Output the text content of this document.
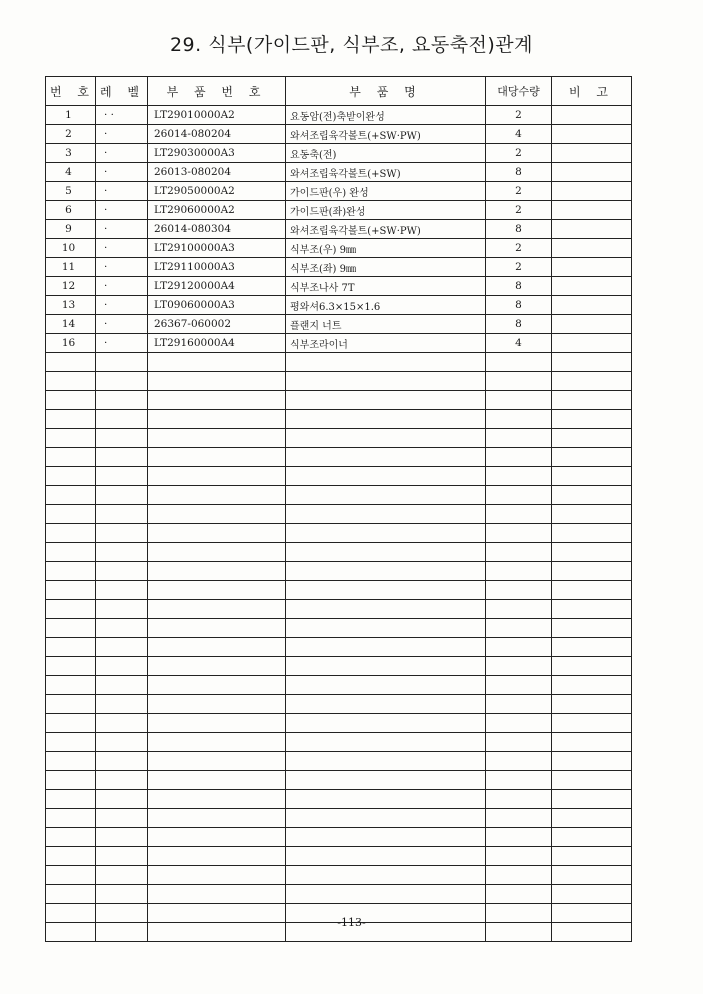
29. 식부(가이드판, 식부조, 요동축전)관계
번 호	레 벨	부 품 번 호	부 품 명	대당수량	비 고
1	· ·	LT29010000A2	요동암(전)축받이완성	2	
2	·	26014-080204	와셔조립육각볼트(+SW·PW)	4	
3	·	LT29030000A3	요동축(전)	2	
4	·	26013-080204	와셔조립육각볼트(+SW)	8	
5	·	LT29050000A2	가이드판(우) 완성	2	
6	·	LT29060000A2	가이드판(좌)완성	2	
9	·	26014-080304	와셔조립육각볼트(+SW·PW)	8	
10	·	LT29100000A3	식부조(우) 9㎜	2	
11	·	LT29110000A3	식부조(좌) 9㎜	2	
12	·	LT29120000A4	식부조나사 7T	8	
13	·	LT09060000A3	평와셔6.3×15×1.6	8	
14	·	26367-060002	플랜지 너트	8	
16	·	LT29160000A4	식부조라이너	4	

-113-
